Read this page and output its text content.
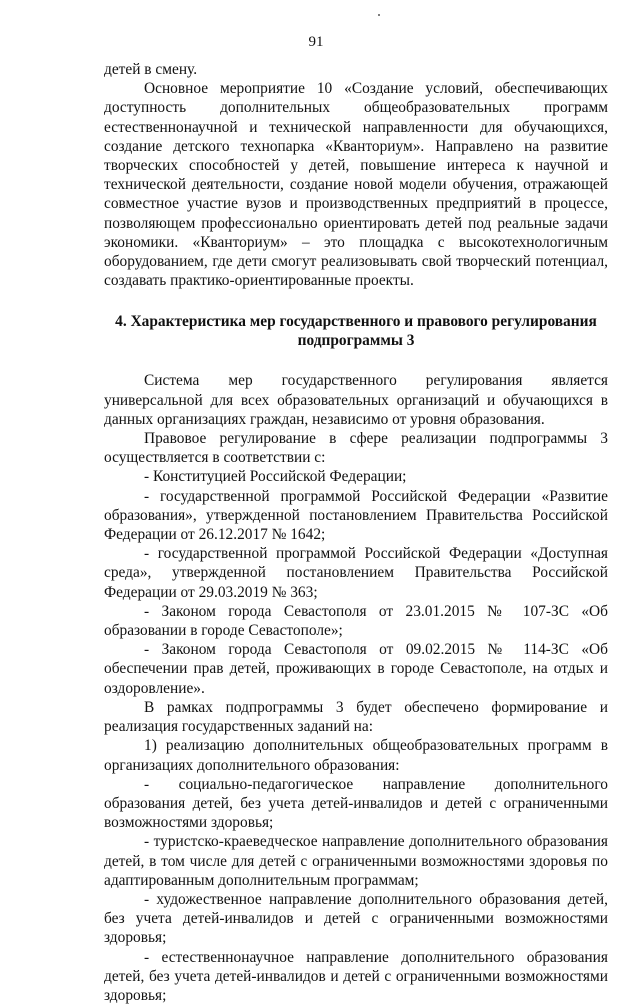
91

детей в смену.

Основное мероприятие 10 «Создание условий, обеспечивающих доступность дополнительных общеобразовательных программ естественнонаучной и технической направленности для обучающихся, создание детского технопарка «Кванториум». Направлено на развитие творческих способностей у детей, повышение интереса к научной и технической деятельности, создание новой модели обучения, отражающей совместное участие вузов и производственных предприятий в процессе, позволяющем профессионально ориентировать детей под реальные задачи экономики. «Кванториум» – это площадка с высокотехнологичным оборудованием, где дети смогут реализовывать свой творческий потенциал, создавать практико-ориентированные проекты.

4. Характеристика мер государственного и правового регулирования подпрограммы 3

Система мер государственного регулирования является универсальной для всех образовательных организаций и обучающихся в данных организациях граждан, независимо от уровня образования.

Правовое регулирование в сфере реализации подпрограммы 3 осуществляется в соответствии с:

- Конституцией Российской Федерации;

- государственной программой Российской Федерации «Развитие образования», утвержденной постановлением Правительства Российской Федерации от 26.12.2017 № 1642;

- государственной программой Российской Федерации «Доступная среда», утвержденной постановлением Правительства Российской Федерации от 29.03.2019 № 363;

- Законом города Севастополя от 23.01.2015 № 107-ЗС «Об образовании в городе Севастополе»;

- Законом города Севастополя от 09.02.2015 № 114-ЗС «Об обеспечении прав детей, проживающих в городе Севастополе, на отдых и оздоровление».

В рамках подпрограммы 3 будет обеспечено формирование и реализация государственных заданий на:

1) реализацию дополнительных общеобразовательных программ в организациях дополнительного образования:

- социально-педагогическое направление дополнительного образования детей, без учета детей-инвалидов и детей с ограниченными возможностями здоровья;

- туристско-краеведческое направление дополнительного образования детей, в том числе для детей с ограниченными возможностями здоровья по адаптированным дополнительным программам;

- художественное направление дополнительного образования детей, без учета детей-инвалидов и детей с ограниченными возможностями здоровья;

- естественнонаучное направление дополнительного образования детей, без учета детей-инвалидов и детей с ограниченными возможностями здоровья;
